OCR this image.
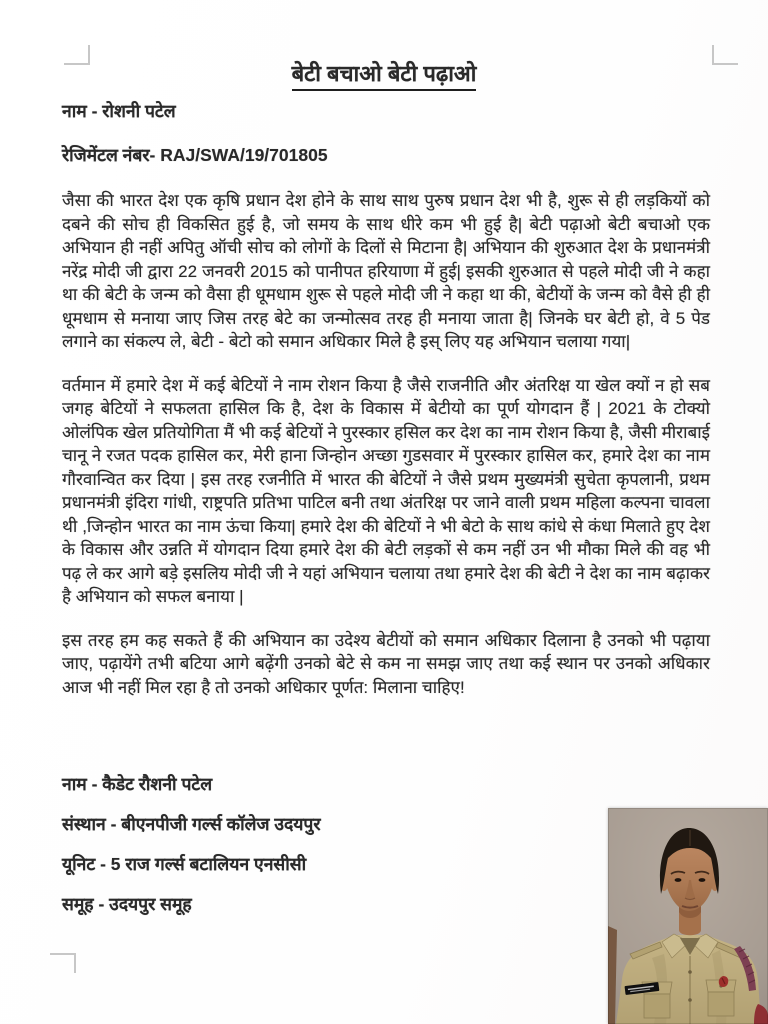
बेटी बचाओ बेटी पढ़ाओ
नाम - रोशनी पटेल
रेजिमेंटल नंबर- RAJ/SWA/19/701805

जैसा की भारत देश एक कृषि प्रधान देश होने के साथ साथ पुरुष प्रधान देश भी है, शुरू से ही लड़कियों को दबने की सोच ही विकसित हुई है, जो समय के साथ धीरे कम भी हुई है| बेटी पढ़ाओ बेटी बचाओ एक अभियान ही नहीं अपितु ऑची सोच को लोगों के दिलों से मिटाना है| अभियान की शुरुआत देश के प्रधानमंत्री नरेंद्र मोदी जी द्वारा 22 जनवरी 2015 को पानीपत हरियाणा में हुई| इसकी शुरुआत से पहले मोदी जी ने कहा था की बेटी के जन्म को वैसा ही धूमधाम शुरू से पहले मोदी जी ने कहा था की, बेटीयों के जन्म को वैसे ही ही धूमधाम से मनाया जाए जिस तरह बेटे का जन्मोत्सव तरह ही मनाया जाता है| जिनके घर बेटी हो, वे 5 पेड लगाने का संकल्प ले, बेटी - बेटो को समान अधिकार मिले है इस् लिए यह अभियान चलाया गया|

वर्तमान में हमारे देश में कई बेटियों ने नाम रोशन किया है जैसे राजनीति और अंतरिक्ष या खेल क्यों न हो सब जगह बेटियों ने सफलता हासिल कि है, देश के विकास में बेटीयो का पूर्ण योगदान हैं | 2021 के टोक्यो ओलंपिक खेल प्रतियोगिता मैं भी कई बेटियों ने पुरस्कार हसिल कर देश का नाम रोशन किया है, जैसी मीराबाई चानू ने रजत पदक हासिल कर, मेरी हाना जिन्होन अच्छा गुडसवार में पुरस्कार हासिल कर, हमारे देश का नाम गौरवान्वित कर दिया | इस तरह रजनीति में भारत की बेटियों ने जैसे प्रथम मुख्यमंत्री सुचेता कृपलानी, प्रथम प्रधानमंत्री इंदिरा गांधी, राष्ट्रपति प्रतिभा पाटिल बनी तथा अंतरिक्ष पर जाने वाली प्रथम महिला कल्पना चावला थी ,जिन्होन भारत का नाम ऊंचा किया| हमारे देश की बेटियों ने भी बेटो के साथ कांधे से कंधा मिलाते हुए देश के विकास और उन्नति में योगदान दिया हमारे देश की बेटी लड़कों से कम नहीं उन भी मौका मिले की वह भी पढ़ ले कर आगे बड़े इसलिय मोदी जी ने यहां अभियान चलाया तथा हमारे देश की बेटी ने देश का नाम बढ़ाकर है अभियान को सफल बनाया |

इस तरह हम कह सकते हैं की अभियान का उदेश्य बेटीयों को समान अधिकार दिलाना है उनको भी पढ़ाया जाए, पढ़ायेंगे तभी बटिया आगे बढ़ेंगी उनको बेटे से कम ना समझ जाए तथा कई स्थान पर उनको अधिकार आज भी नहीं मिल रहा है तो उनको अधिकार पूर्णत: मिलाना चाहिए!

नाम - कैडेट रौशनी पटेल
संस्थान - बीएनपीजी गर्ल्स कॉलेज उदयपुर
यूनिट - 5 राज गर्ल्स बटालियन एनसीसी
समूह - उदयपुर समूह
